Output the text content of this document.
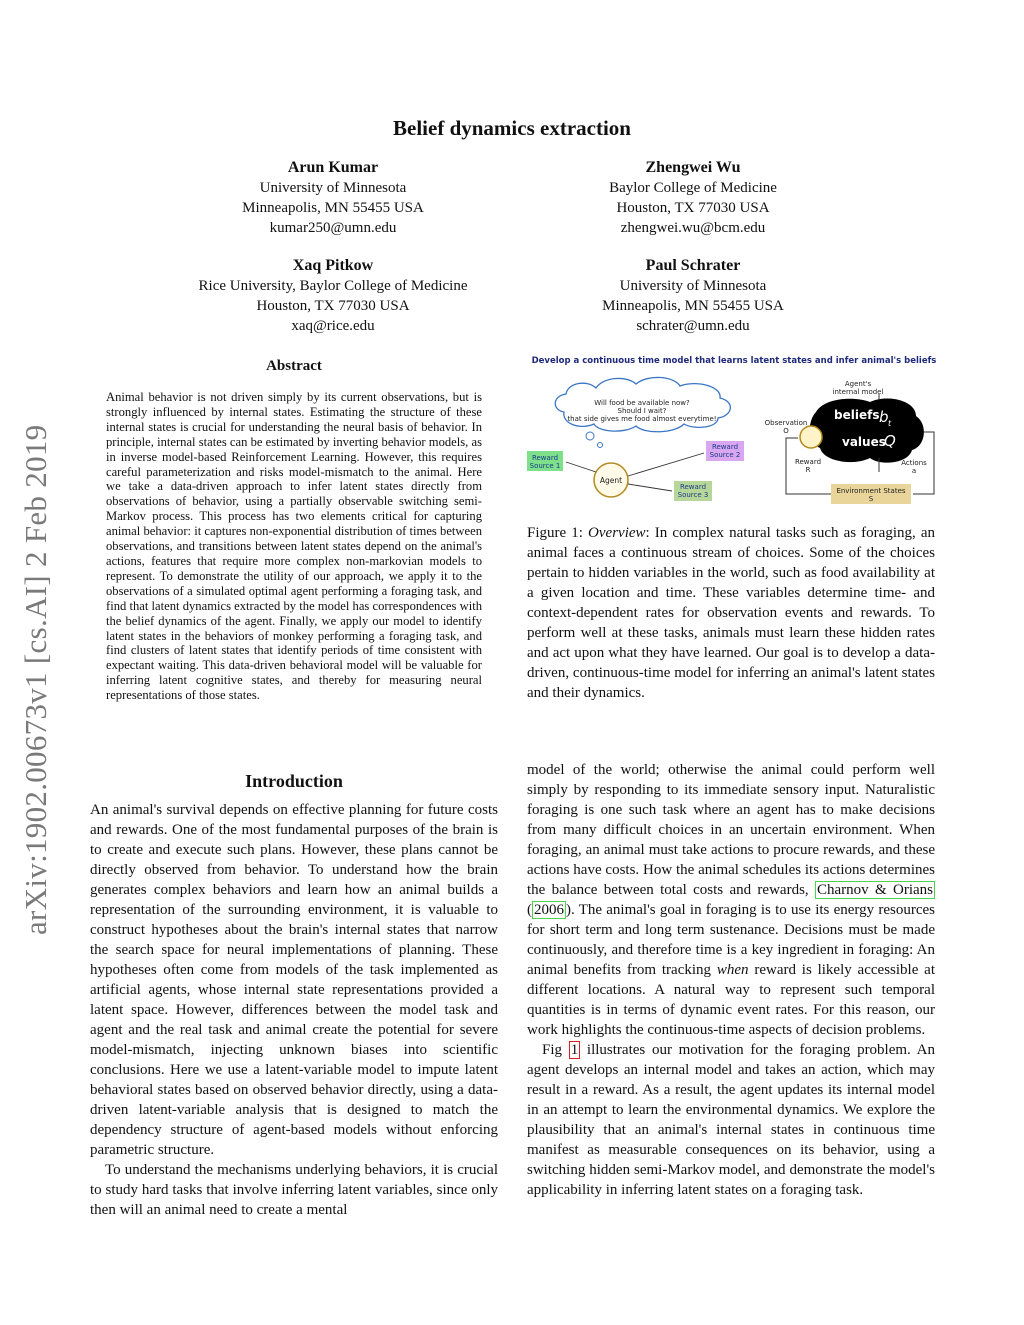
arXiv:1902.00673v1 [cs.AI] 2 Feb 2019
Belief dynamics extraction
Arun Kumar
University of Minnesota
Minneapolis, MN 55455 USA
kumar250@umn.edu
Zhengwei Wu
Baylor College of Medicine
Houston, TX 77030 USA
zhengwei.wu@bcm.edu
Xaq Pitkow
Rice University, Baylor College of Medicine
Houston, TX 77030 USA
xaq@rice.edu
Paul Schrater
University of Minnesota
Minneapolis, MN 55455 USA
schrater@umn.edu
Abstract
Animal behavior is not driven simply by its current observations, but is strongly influenced by internal states. Estimating the structure of these internal states is crucial for understanding the neural basis of behavior. In principle, internal states can be estimated by inverting behavior models, as in inverse model-based Reinforcement Learning. However, this requires careful parameterization and risks model-mismatch to the animal. Here we take a data-driven approach to infer latent states directly from observations of behavior, using a partially observable switching semi-Markov process. This process has two elements critical for capturing animal behavior: it captures non-exponential distribution of times between observations, and transitions between latent states depend on the animal's actions, features that require more complex non-markovian models to represent. To demonstrate the utility of our approach, we apply it to the observations of a simulated optimal agent performing a foraging task, and find that latent dynamics extracted by the model has correspondences with the belief dynamics of the agent. Finally, we apply our model to identify latent states in the behaviors of monkey performing a foraging task, and find clusters of latent states that identify periods of time consistent with expectant waiting. This data-driven behavioral model will be valuable for inferring latent cognitive states, and thereby for measuring neural representations of those states.
Develop a continuous time model that learns latent states and infer animal's beliefs
Will food be available now?
Should I wait?
that side gives me food almost everytime!
Agent
Reward
Source 1
Reward
Source 2
Reward
Source 3
Agent's
internal model
beliefs b t
values
Q
Observation
O
Reward
R
Actions
a
Environment States
S
Figure 1: Overview: In complex natural tasks such as foraging, an animal faces a continuous stream of choices. Some of the choices pertain to hidden variables in the world, such as food availability at a given location and time. These variables determine time- and context-dependent rates for observation events and rewards. To perform well at these tasks, animals must learn these hidden rates and act upon what they have learned. Our goal is to develop a data-driven, continuous-time model for inferring an animal's latent states and their dynamics.
Introduction

An animal's survival depends on effective planning for future costs and rewards. One of the most fundamental purposes of the brain is to create and execute such plans. However, these plans cannot be directly observed from behavior. To understand how the brain generates complex behaviors and learn how an animal builds a representation of the surrounding environment, it is valuable to construct hypotheses about the brain's internal states that narrow the search space for neural implementations of planning. These hypotheses often come from models of the task implemented as artificial agents, whose internal state representations provided a latent space. However, differences between the model task and agent and the real task and animal create the potential for severe model-mismatch, injecting unknown biases into scientific conclusions. Here we use a latent-variable model to impute latent behavioral states based on observed behavior directly, using a data-driven latent-variable analysis that is designed to match the dependency structure of agent-based models without enforcing parametric structure.

To understand the mechanisms underlying behaviors, it is crucial to study hard tasks that involve inferring latent variables, since only then will an animal need to create a mental

model of the world; otherwise the animal could perform well simply by responding to its immediate sensory input. Naturalistic foraging is one such task where an agent has to make decisions from many difficult choices in an uncertain environment. When foraging, an animal must take actions to procure rewards, and these actions have costs. How the animal schedules its actions determines the balance between total costs and rewards, Charnov & Orians ( 2006 ). The animal's goal in foraging is to use its energy resources for short term and long term sustenance. Decisions must be made continuously, and therefore time is a key ingredient in foraging: An animal benefits from tracking when reward is likely accessible at different locations. A natural way to represent such temporal quantities is in terms of dynamic event rates. For this reason, our work highlights the continuous-time aspects of decision problems.

Fig 1 illustrates our motivation for the foraging problem. An agent develops an internal model and takes an action, which may result in a reward. As a result, the agent updates its internal model in an attempt to learn the environmental dynamics. We explore the plausibility that an animal's internal states in continuous time manifest as measurable consequences on its behavior, using a switching hidden semi-Markov model, and demonstrate the model's applicability in inferring latent states on a foraging task.
